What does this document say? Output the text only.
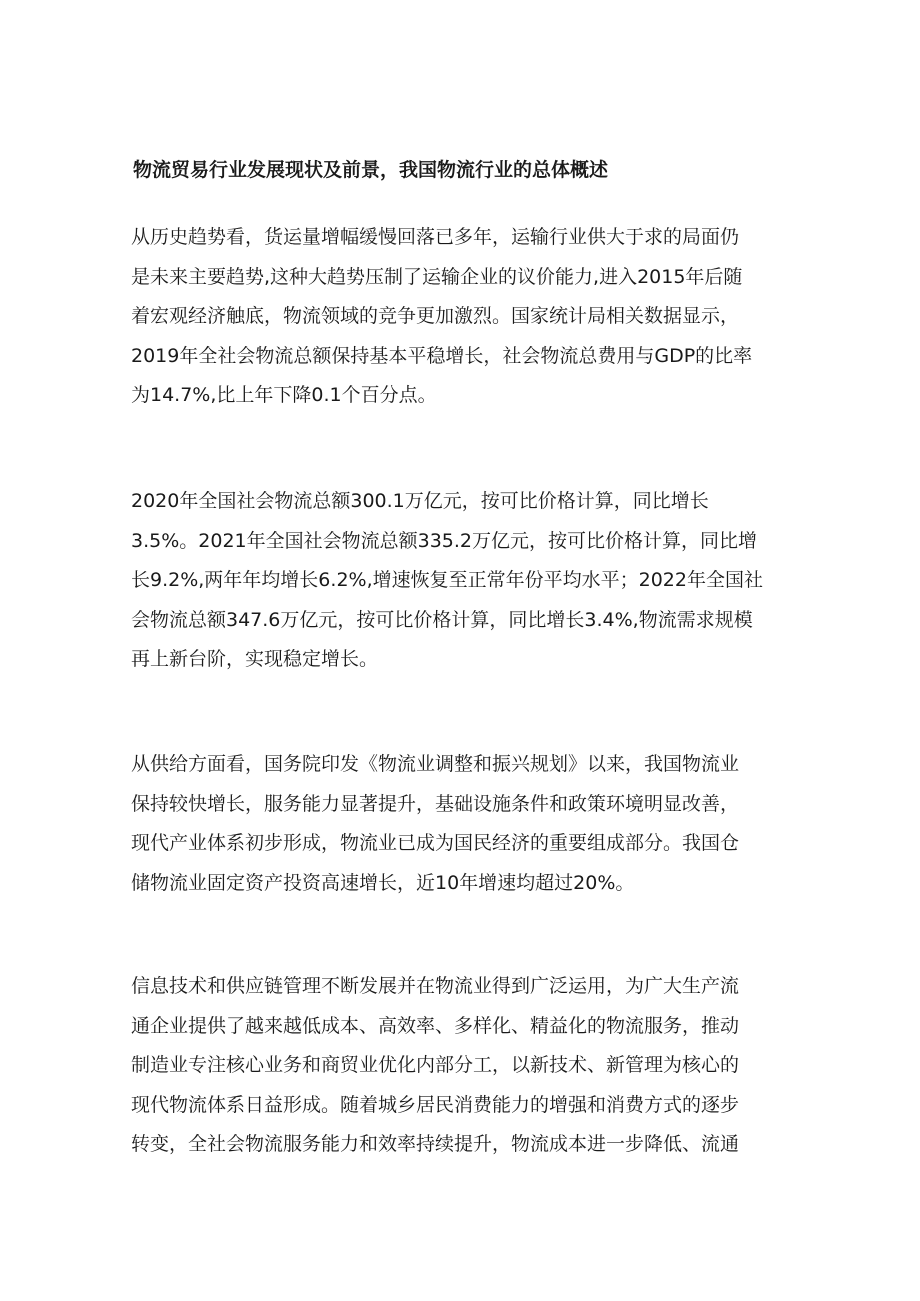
物流贸易行业发展现状及前景，我国物流行业的总体概述
从历史趋势看，货运量增幅缓慢回落已多年，运输行业供大于求的局面仍
是未来主要趋势,这种大趋势压制了运输企业的议价能力,进入2015年后随
着宏观经济触底，物流领域的竞争更加激烈。国家统计局相关数据显示，
2019年全社会物流总额保持基本平稳增长，社会物流总费用与GDP的比率
为14.7%,比上年下降0.1个百分点。
2020年全国社会物流总额300.1万亿元，按可比价格计算，同比增长
3.5%。2021年全国社会物流总额335.2万亿元，按可比价格计算，同比增
长9.2%,两年年均增长6.2%,增速恢复至正常年份平均水平；2022年全国社
会物流总额347.6万亿元，按可比价格计算，同比增长3.4%,物流需求规模
再上新台阶，实现稳定增长。
从供给方面看，国务院印发《物流业调整和振兴规划》以来，我国物流业
保持较快增长，服务能力显著提升，基础设施条件和政策环境明显改善，
现代产业体系初步形成，物流业已成为国民经济的重要组成部分。我国仓
储物流业固定资产投资高速增长，近10年增速均超过20%。
信息技术和供应链管理不断发展并在物流业得到广泛运用，为广大生产流
通企业提供了越来越低成本、高效率、多样化、精益化的物流服务，推动
制造业专注核心业务和商贸业优化内部分工，以新技术、新管理为核心的
现代物流体系日益形成。随着城乡居民消费能力的增强和消费方式的逐步
转变，全社会物流服务能力和效率持续提升，物流成本进一步降低、流通
